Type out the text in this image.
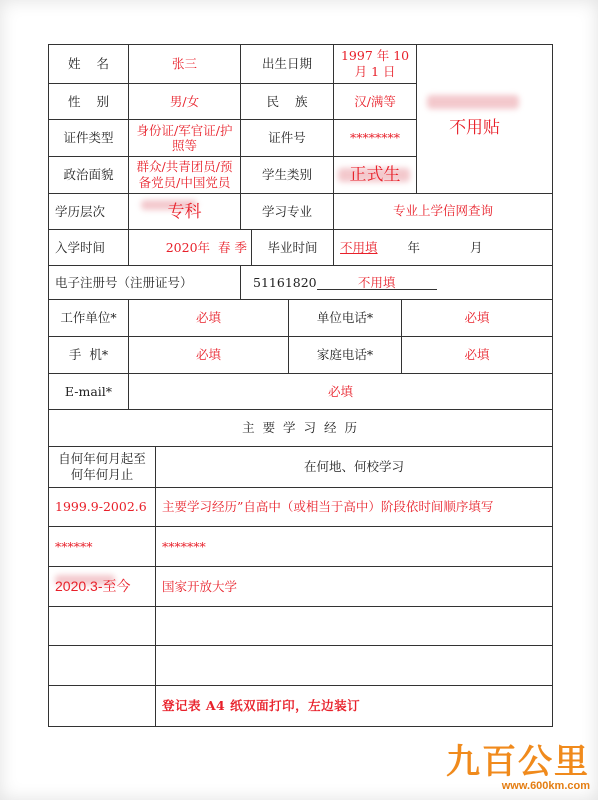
姓    名	张三		出生日期			1997 年 10 月 1 日		不用贴

性    别	男/女		民    族			汉/满等		
证件类型	身份证/军官证/护照等		证件号			********		
政治面貌	群众/共青团员/预备党员/中国党员		学生类别			正式生		
学历层次	专科		学习专业			专业上学信网查询		
入学时间	2020年 春 季			毕业时间		不用填 年 月		
电子注册号（注册证号）			51161820 不用填					
工作单位*	必填				单位电话*		必填	
手  机*	必填				家庭电话*		必填	
E-mail*	必填							
主 要 学 习 经 历								
自何年何月起至何年何月止		在何地、何校学习						
1999.9-2002.6		主要学习经历”自高中（或相当于高中）阶段依时间顺序填写						
******		*******						

2020.3-至今		国家开放大学						

		登记表 A4 纸双面打印，左边装订						
九百公里
www.600km.com
